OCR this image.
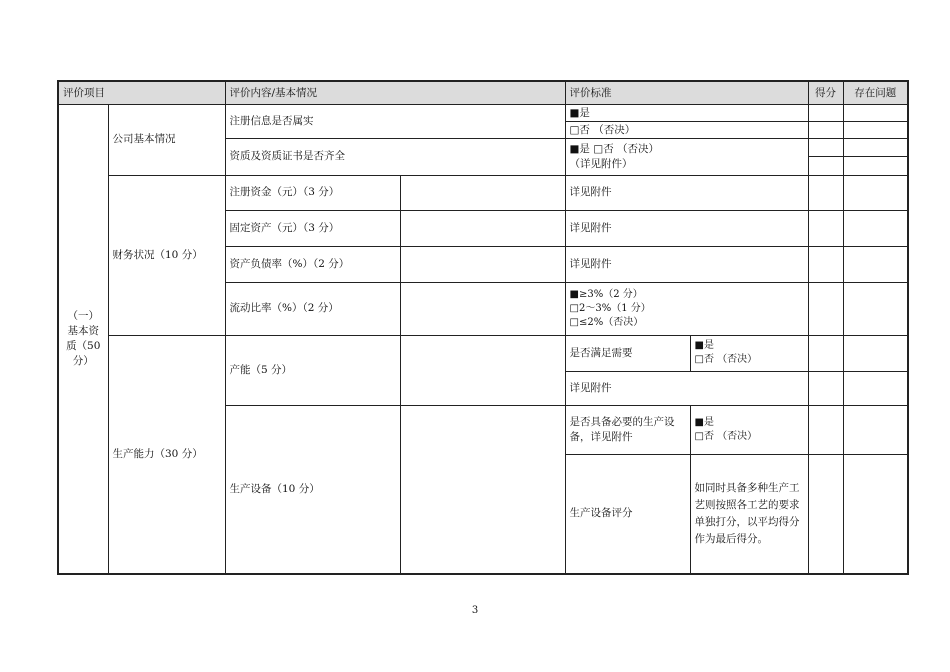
评价项目		评价内容/基本情况		评价标准		得分	存在问题
（一）基本资质（50分）	公司基本情况	注册信息是否属实		■是			
				□否 （否决）			
		资质及资质证书是否齐全		■是 □否 （否决）
（详见附件）			

	财务状况（10 分）	注册资金（元）（3 分）		详见附件			
		固定资产（元）（3 分）		详见附件			
		资产负债率（%）（2 分）		详见附件			
		流动比率（%）（2 分）		■≥3%（2 分）
□2～3%（1 分）
□≤2%（否决）			

	生产能力（30 分）	产能（5 分）		是否满足需要	■是
□否 （否决）		

				详见附件			
		生产设备（10 分）		是否具备必要的生产设备，详见附件	■是
□否 （否决）		

				生产设备评分	如同时具备多种生产工艺则按照各工艺的要求单独打分，以平均得分作为最后得分。		
3
